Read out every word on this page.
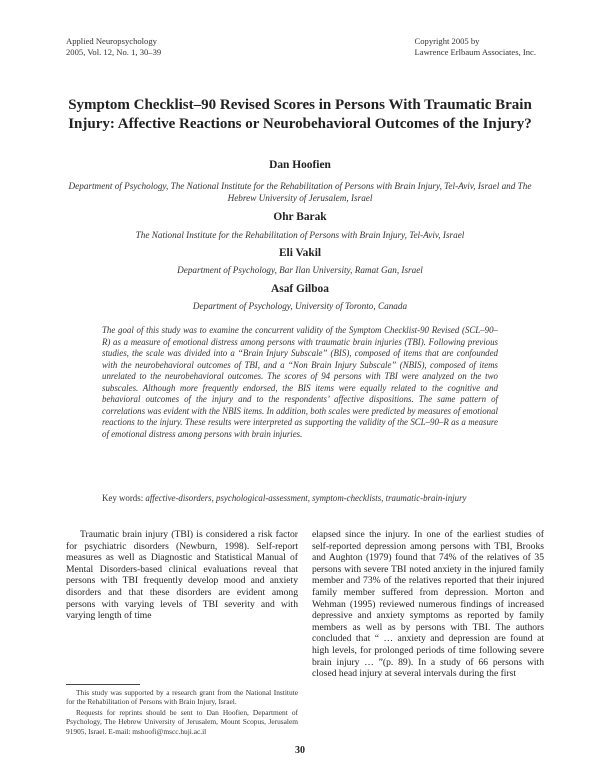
Applied Neuropsychology
2005, Vol. 12, No. 1, 30–39
Copyright 2005 by
Lawrence Erlbaum Associates, Inc.
Symptom Checklist–90 Revised Scores in Persons With Traumatic Brain Injury: Affective Reactions or Neurobehavioral Outcomes of the Injury?
Dan Hoofien
Department of Psychology, The National Institute for the Rehabilitation of Persons with Brain Injury, Tel-Aviv, Israel and The Hebrew University of Jerusalem, Israel
Ohr Barak
The National Institute for the Rehabilitation of Persons with Brain Injury, Tel-Aviv, Israel
Eli Vakil
Department of Psychology, Bar Ilan University, Ramat Gan, Israel
Asaf Gilboa
Department of Psychology, University of Toronto, Canada

The goal of this study was to examine the concurrent validity of the Symptom Checklist-90 Revised (SCL–90–R) as a measure of emotional distress among persons with traumatic brain injuries (TBI). Following previous studies, the scale was divided into a “Brain Injury Subscale” (BIS), composed of items that are confounded with the neurobehavioral outcomes of TBI, and a “Non Brain Injury Subscale” (NBIS), composed of items unrelated to the neurobehavioral outcomes. The scores of 94 persons with TBI were analyzed on the two subscales. Although more frequently endorsed, the BIS items were equally related to the cognitive and behavioral outcomes of the injury and to the respondents’ affective dispositions. The same pattern of correlations was evident with the NBIS items. In addition, both scales were predicted by measures of emotional reactions to the injury. These results were interpreted as supporting the validity of the SCL–90–R as a measure of emotional distress among persons with brain injuries.

Key words: affective-disorders, psychological-assessment, symptom-checklists, traumatic-brain-injury

Traumatic brain injury (TBI) is considered a risk factor for psychiatric disorders (Newburn, 1998). Self-report measures as well as Diagnostic and Statistical Manual of Mental Disorders-based clinical evaluations reveal that persons with TBI frequently develop mood and anxiety disorders and that these disorders are evident among persons with varying levels of TBI severity and with varying length of time

elapsed since the injury. In one of the earliest studies of self-reported depression among persons with TBI, Brooks and Aughton (1979) found that 74% of the relatives of 35 persons with severe TBI noted anxiety in the injured family member and 73% of the relatives reported that their injured family member suffered from depression. Morton and Wehman (1995) reviewed numerous findings of increased depressive and anxiety symptoms as reported by family members as well as by persons with TBI. The authors concluded that “ … anxiety and depression are found at high levels, for prolonged periods of time following severe brain injury … ”(p. 89). In a study of 66 persons with closed head injury at several intervals during the first

This study was supported by a research grant from the National Institute for the Rehabilitation of Persons with Brain Injury, Israel.

Requests for reprints should be sent to Dan Hoofien, Department of Psychology, The Hebrew University of Jerusalem, Mount Scopus, Jerusalem 91905, Israel. E-mail: mshoofi@mscc.huji.ac.il

30
